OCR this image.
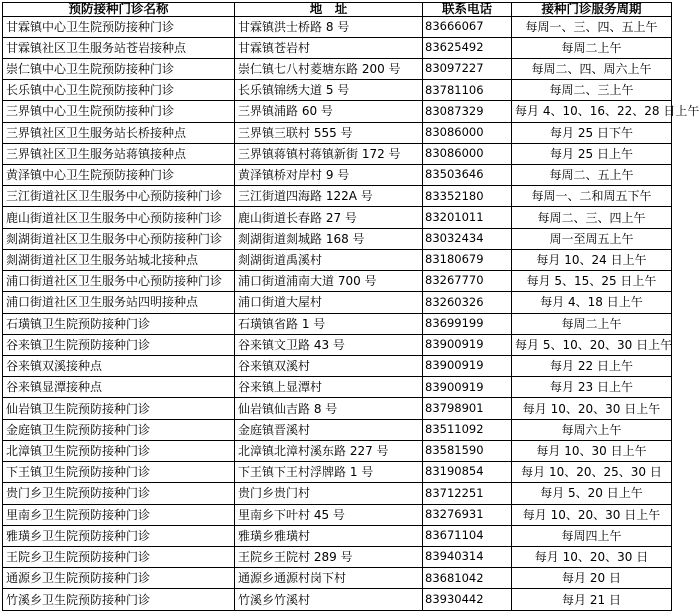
预防接种门诊名称	地　址	联系电话	接种门诊服务周期
甘霖镇中心卫生院预防接种门诊	甘霖镇洪士桥路 8 号	83666067	每周一、三、四、五上午
甘霖镇社区卫生服务站苍岩接种点	甘霖镇苍岩村	83625492	每周二上午
崇仁镇中心卫生院预防接种门诊	崇仁镇七八村菱塘东路 200 号	83097227	每周二、四、周六上午
长乐镇中心卫生院预防接种门诊	长乐镇锦绣大道 5 号	83781106	每周二、三上午
三界镇中心卫生院预防接种门诊	三界镇浦路 60 号	83087329	每月 4、10、16、22、28 日上午
三界镇社区卫生服务站长桥接种点	三界镇三联村 555 号	83086000	每月 25 日下午
三界镇社区卫生服务站蒋镇接种点	三界镇蒋镇村蒋镇新街 172 号	83086000	每月 25 日上午
黄泽镇中心卫生院预防接种门诊	黄泽镇桥对岸村 9 号	83503646	每周二、五上午
三江街道社区卫生服务中心预防接种门诊	三江街道四海路 122A 号	83352180	每周一、二和周五下午
鹿山街道社区卫生服务中心预防接种门诊	鹿山街道长春路 27 号	83201011	每周二、三、四上午
剡湖街道社区卫生服务中心预防接种门诊	剡湖街道剡城路 168 号	83032434	周一至周五上午
剡湖街道社区卫生服务站城北接种点	剡湖街道禹溪村	83180679	每月 10、24 日上午
浦口街道社区卫生服务中心预防接种门诊	浦口街道浦南大道 700 号	83267770	每月 5、15、25 日上午
浦口街道社区卫生服务站四明接种点	浦口街道大屋村	83260326	每月 4、18 日上午
石璜镇卫生院预防接种门诊	石璜镇省路 1 号	83699199	每周二上午
谷来镇卫生院预防接种门诊	谷来镇文卫路 43 号	83900919	每月 5、10、20、30 日上午
谷来镇双溪接种点	谷来镇双溪村	83900919	每月 22 日上午
谷来镇显潭接种点	谷来镇上显潭村	83900919	每月 23 日上午
仙岩镇卫生院预防接种门诊	仙岩镇仙吉路 8 号	83798901	每月 10、20、30 日上午
金庭镇卫生院预防接种门诊	金庭镇晋溪村	83511092	每周六上午
北漳镇卫生院预防接种门诊	北漳镇北漳村溪东路 227 号	83581590	每月 10、30 日上午
下王镇卫生院预防接种门诊	下王镇下王村浮牌路 1 号	83190854	每月 10、20、25、30 日
贵门乡卫生院预防接种门诊	贵门乡贵门村	83712251	每月 5、20 日上午
里南乡卫生院预防接种门诊	里南乡下叶村 45 号	83276931	每月 10、20、30 日上午
雅璜乡卫生院预防接种门诊	雅璜乡雅璜村	83671104	每周四上午
王院乡卫生院预防接种门诊	王院乡王院村 289 号	83940314	每月 10、20、30 日
通源乡卫生院预防接种门诊	通源乡通源村岗下村	83681042	每月 20 日
竹溪乡卫生院预防接种门诊	竹溪乡竹溪村	83930442	每月 21 日
